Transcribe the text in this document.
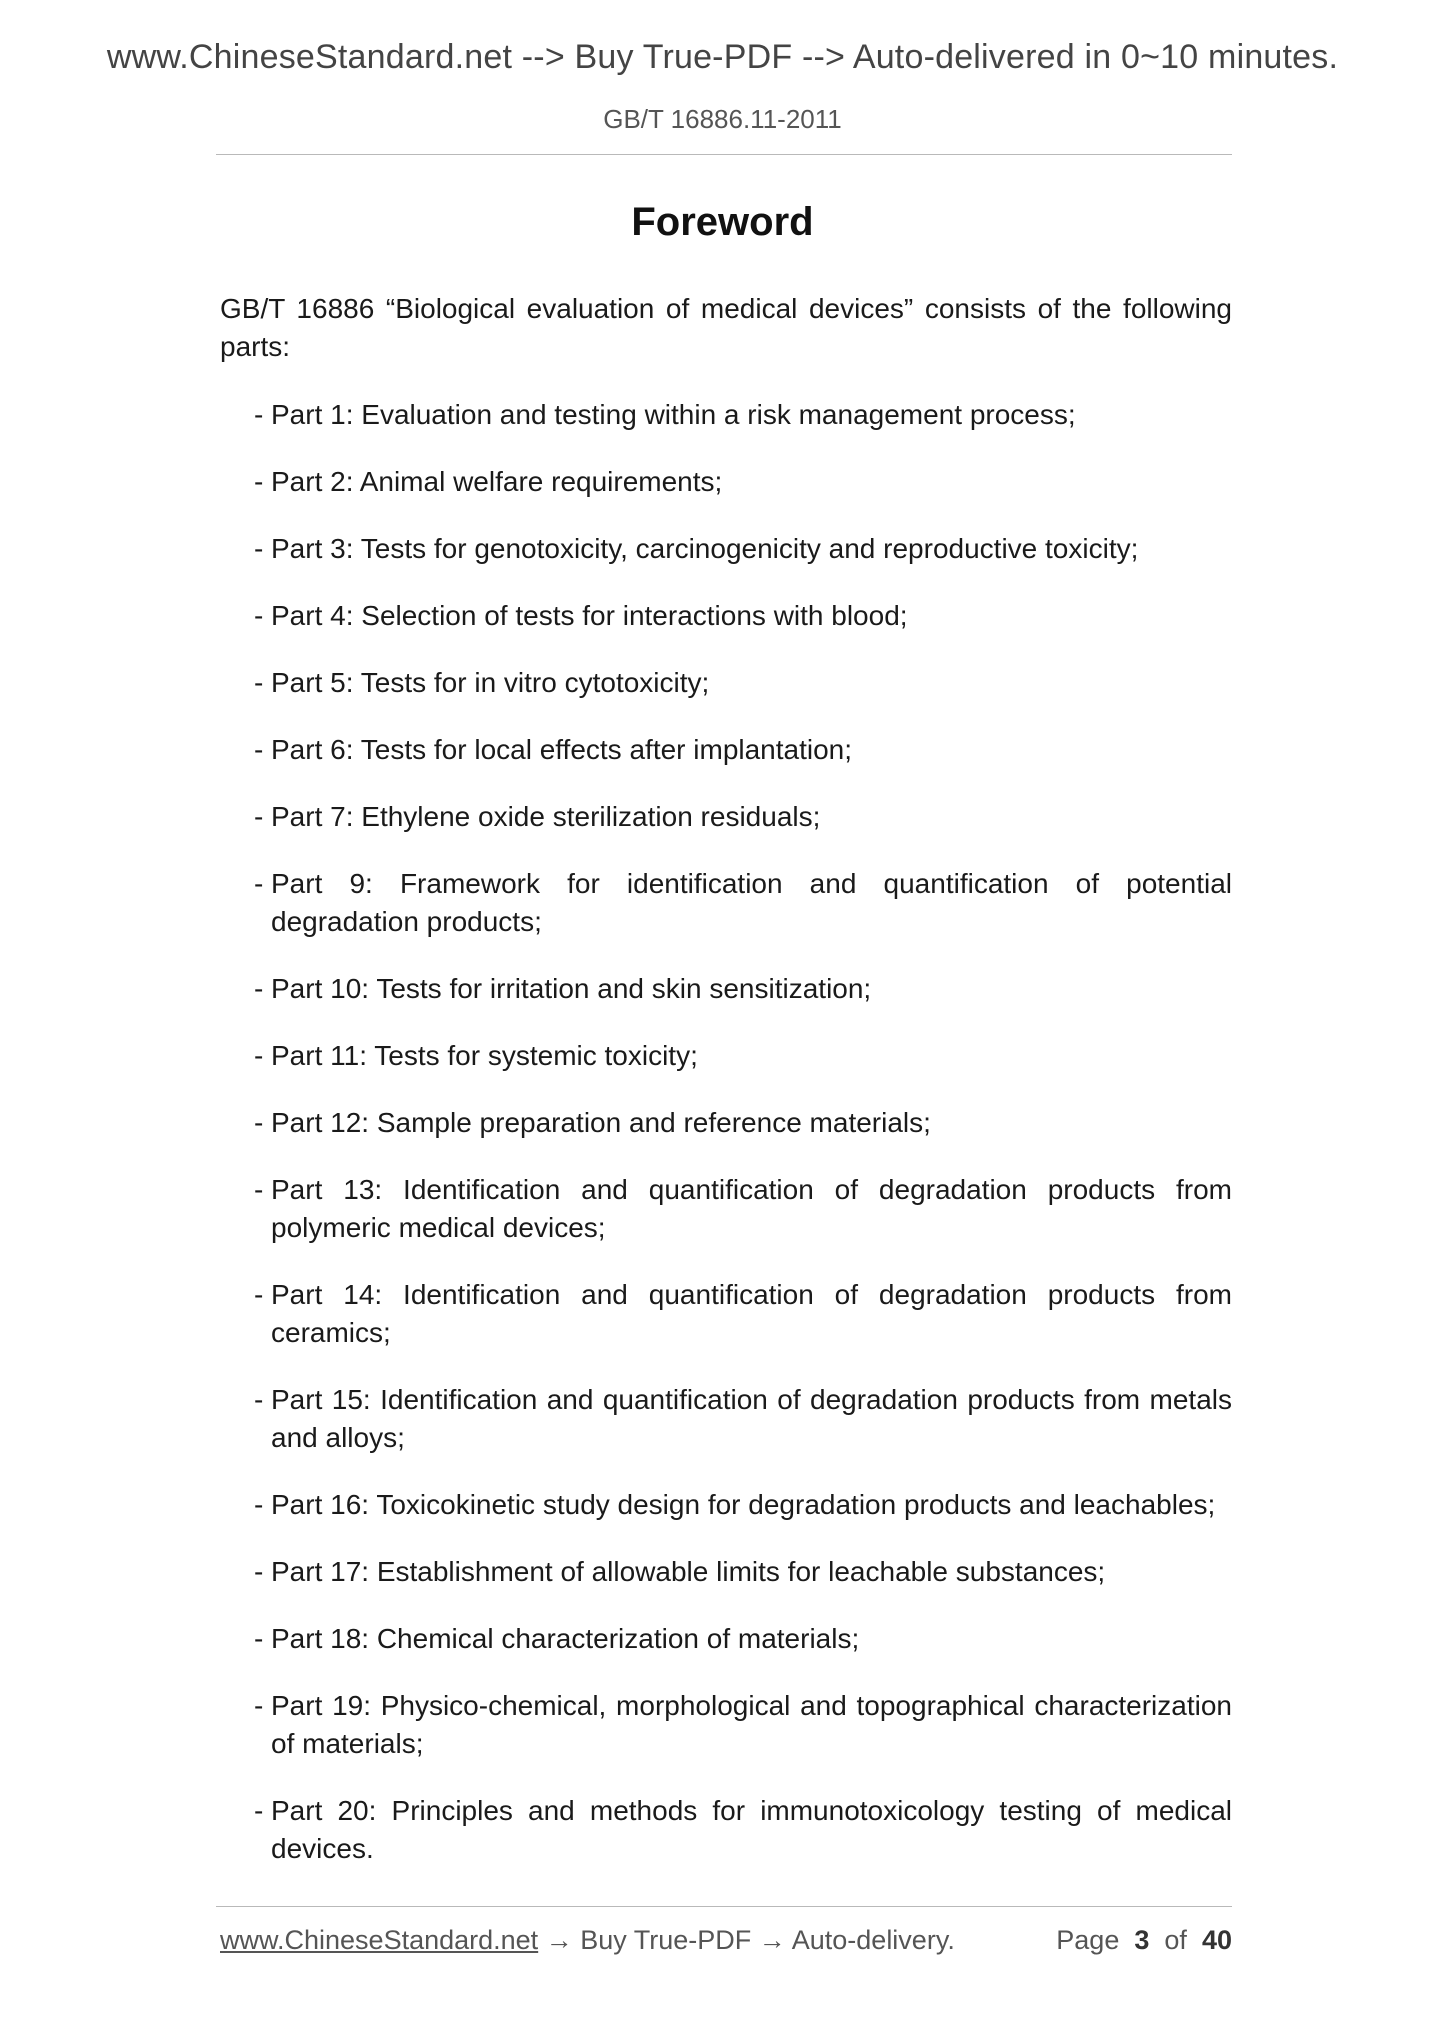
www.ChineseStandard.net --> Buy True-PDF --> Auto-delivered in 0~10 minutes.
GB/T 16886.11-2011
Foreword

GB/T 16886 “Biological evaluation of medical devices” consists of the following parts:

- Part 1: Evaluation and testing within a risk management process;
- Part 2: Animal welfare requirements;
- Part 3: Tests for genotoxicity, carcinogenicity and reproductive toxicity;
- Part 4: Selection of tests for interactions with blood;
- Part 5: Tests for in vitro cytotoxicity;
- Part 6: Tests for local effects after implantation;
- Part 7: Ethylene oxide sterilization residuals;
- Part 9: Framework for identification and quantification of potential degradation products;
- Part 10: Tests for irritation and skin sensitization;
- Part 11: Tests for systemic toxicity;
- Part 12: Sample preparation and reference materials;
- Part 13: Identification and quantification of degradation products from polymeric medical devices;
- Part 14: Identification and quantification of degradation products from ceramics;
- Part 15: Identification and quantification of degradation products from metals and alloys;
- Part 16: Toxicokinetic study design for degradation products and leachables;
- Part 17: Establishment of allowable limits for leachable substances;
- Part 18: Chemical characterization of materials;
- Part 19: Physico-chemical, morphological and topographical characterization of materials;
- Part 20: Principles and methods for immunotoxicology testing of medical devices.
www.ChineseStandard.net → Buy True-PDF → Auto-delivery.	Page 3 of 40
